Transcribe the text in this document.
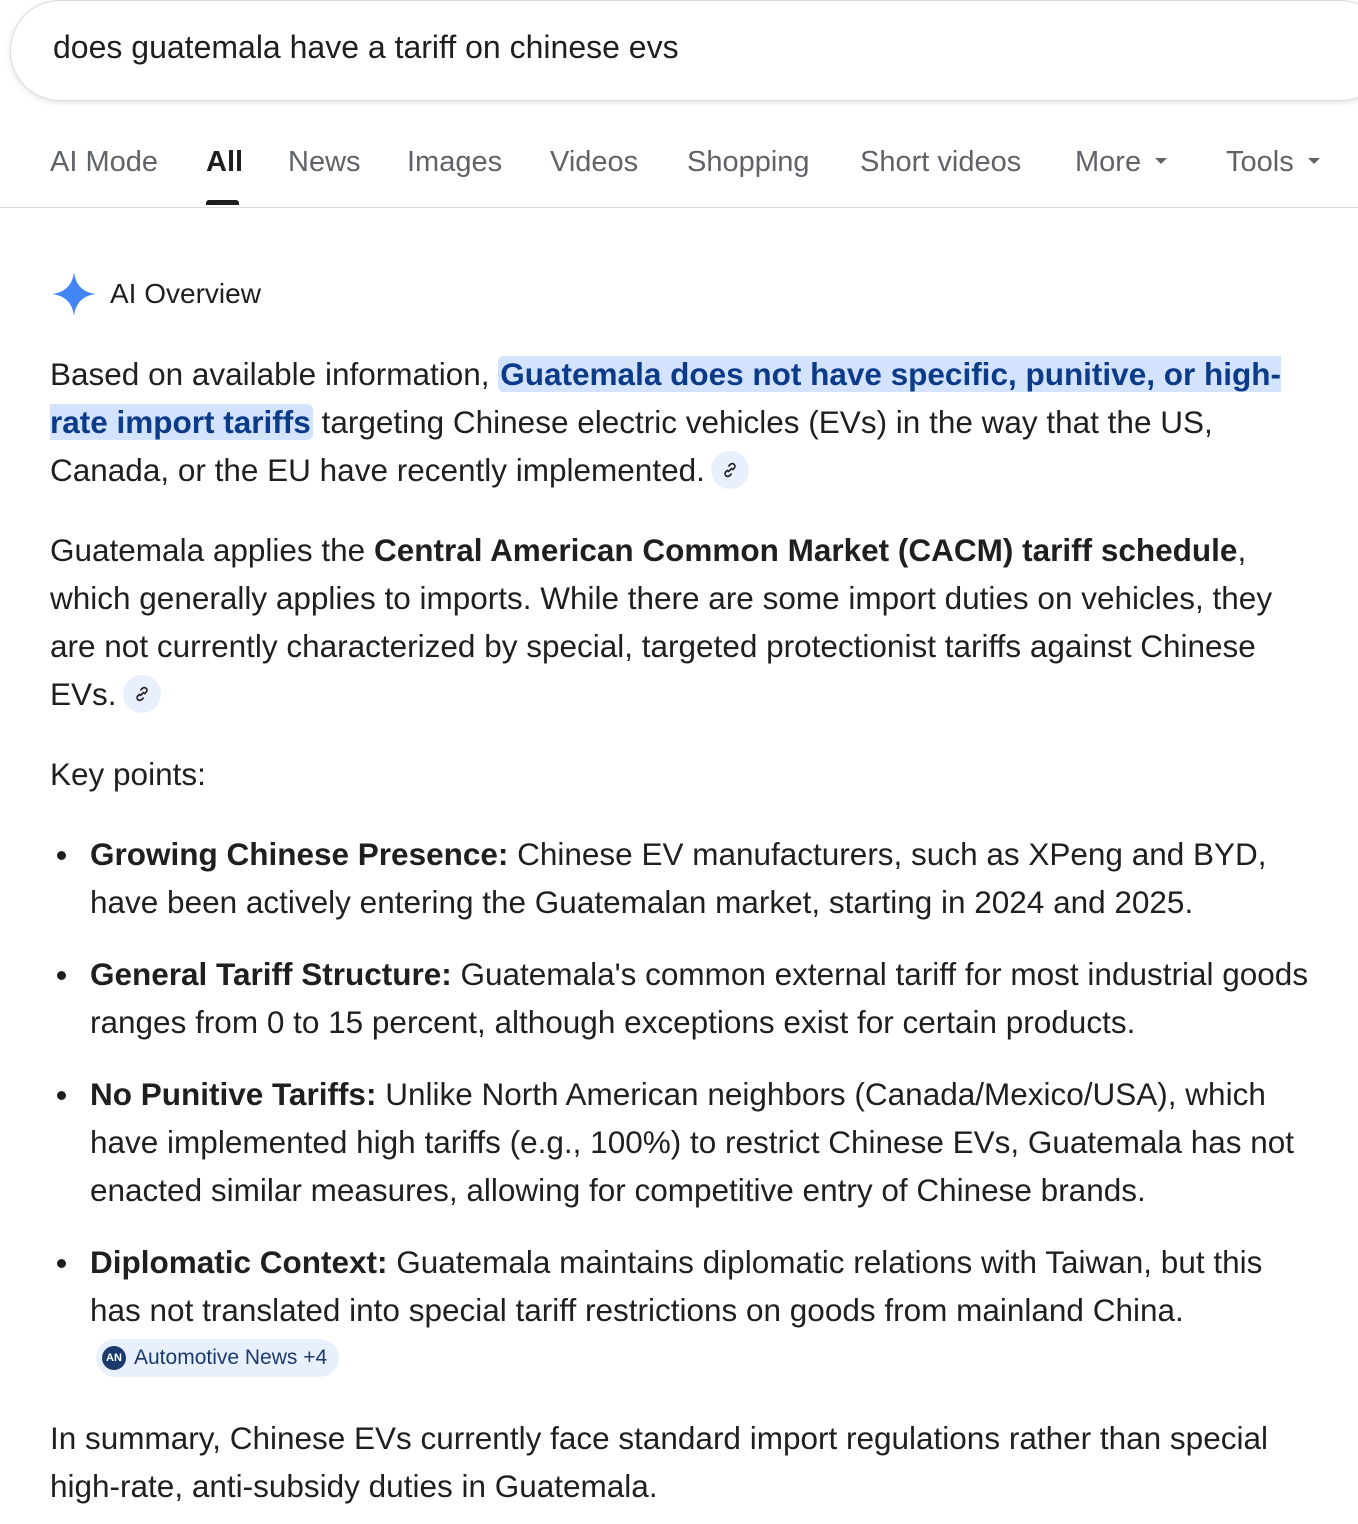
does guatemala have a tariff on chinese evs
AI Mode All News Images Videos Shopping Short videos More	Tools
AI Overview

Based on available information, Guatemala does not have specific, punitive, or high-rate import tariffs targeting Chinese electric vehicles (EVs) in the way that the US, Canada, or the EU have recently implemented.

Guatemala applies the Central American Common Market (CACM) tariff schedule, which generally applies to imports. While there are some import duties on vehicles, they are not currently characterized by special, targeted protectionist tariffs against Chinese EVs.

Key points:

Growing Chinese Presence: Chinese EV manufacturers, such as XPeng and BYD, have been actively entering the Guatemalan market, starting in 2024 and 2025.
General Tariff Structure: Guatemala's common external tariff for most industrial goods ranges from 0 to 15 percent, although exceptions exist for certain products.
No Punitive Tariffs: Unlike North American neighbors (Canada/Mexico/USA), which have implemented high tariffs (e.g., 100%) to restrict Chinese EVs, Guatemala has not enacted similar measures, allowing for competitive entry of Chinese brands.
Diplomatic Context: Guatemala maintains diplomatic relations with Taiwan, but this has not translated into special tariff restrictions on goods from mainland China.
AN Automotive News +4

In summary, Chinese EVs currently face standard import regulations rather than special high-rate, anti-subsidy duties in Guatemala.
